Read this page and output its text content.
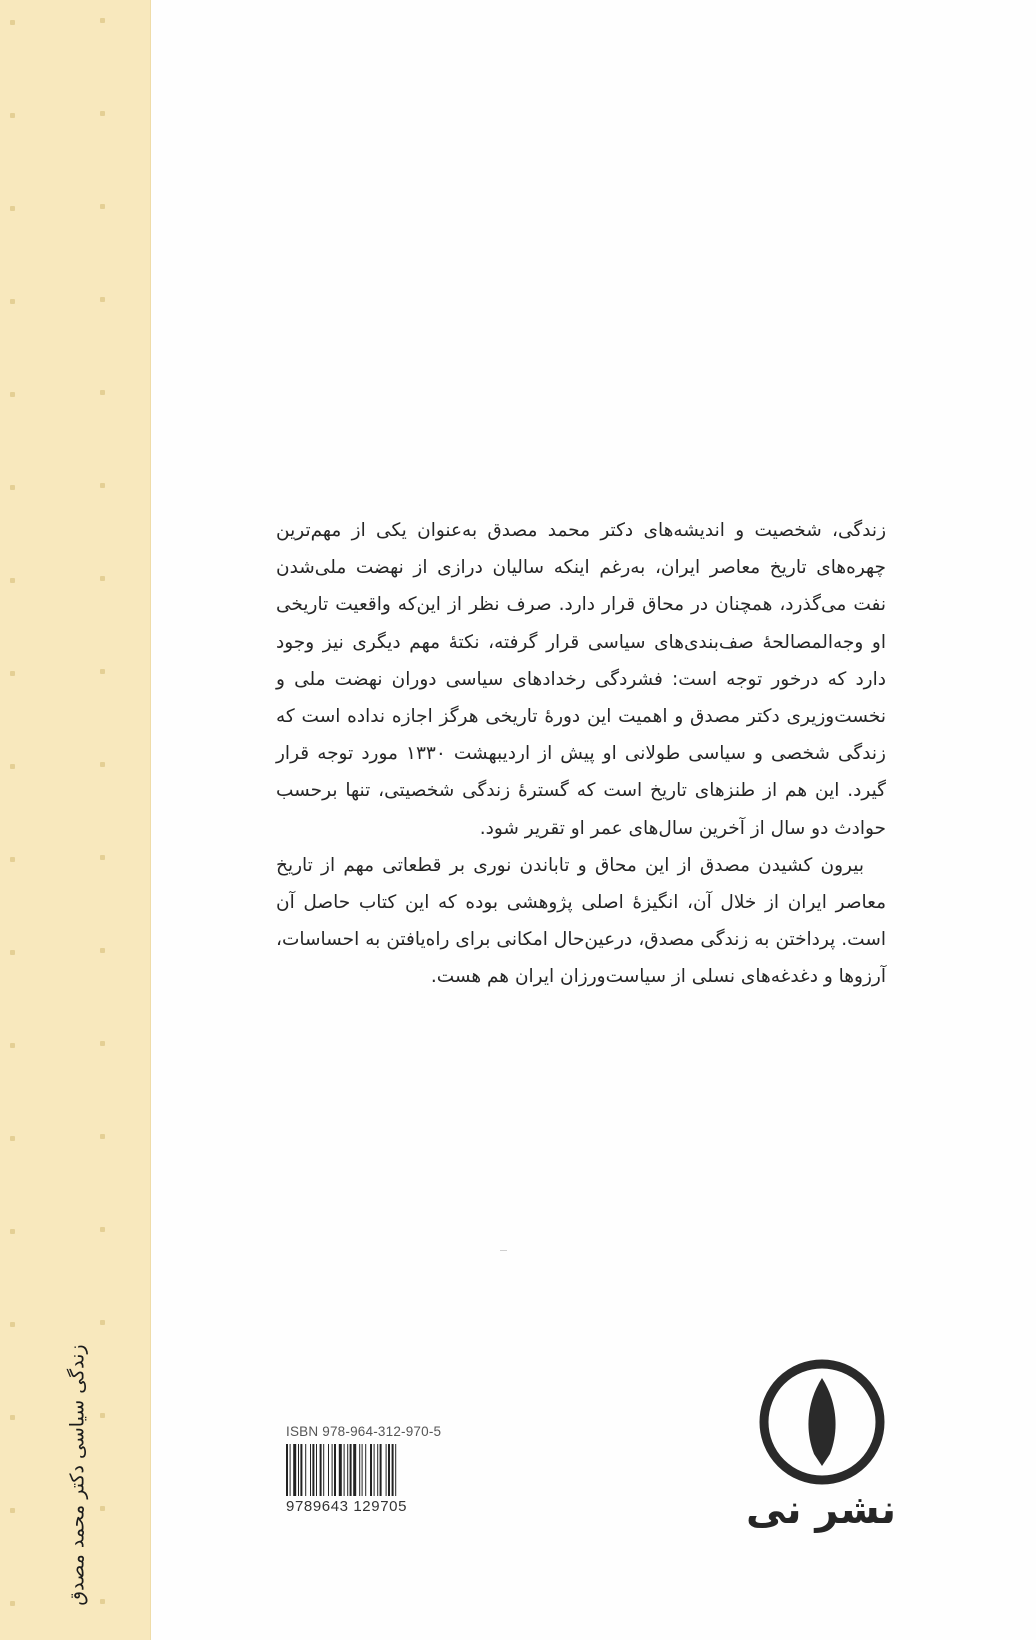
زندگی سیاسی دکتر محمد مصدق

زندگی، شخصیت و اندیشه‌های دکتر محمد مصدق به‌عنوان یکی از مهم‌ترین چهره‌های تاریخ معاصر ایران، به‌رغم اینکه سالیان درازی از نهضت ملی‌شدن نفت می‌گذرد، همچنان در محاق قرار دارد. صرف نظر از این‌که واقعیت تاریخی او وجه‌المصالحهٔ صف‌بندی‌های سیاسی قرار گرفته، نکتهٔ مهم دیگری نیز وجود دارد که درخور توجه است: فشردگی رخدادهای سیاسی دوران نهضت ملی و نخست‌وزیری دکتر مصدق و اهمیت این دورهٔ تاریخی هرگز اجازه نداده است که زندگی شخصی و سیاسی طولانی او پیش از اردیبهشت ۱۳۳۰ مورد توجه قرار گیرد. این هم از طنزهای تاریخ است که گسترهٔ زندگی شخصیتی، تنها برحسب حوادث دو سال از آخرین سال‌های عمر او تقریر شود.

بیرون کشیدن مصدق از این محاق و تاباندن نوری بر قطعاتی مهم از تاریخ معاصر ایران از خلال آن، انگیزهٔ اصلی پژوهشی بوده که این کتاب حاصل آن است. پرداختن به زندگی مصدق، درعین‌حال امکانی برای راه‌یافتن به احساسات، آرزوها و دغدغه‌های نسلی از سیاست‌ورزان ایران هم هست.

ISBN 978-964-312-970-5
9789643 129705	نشر نی
